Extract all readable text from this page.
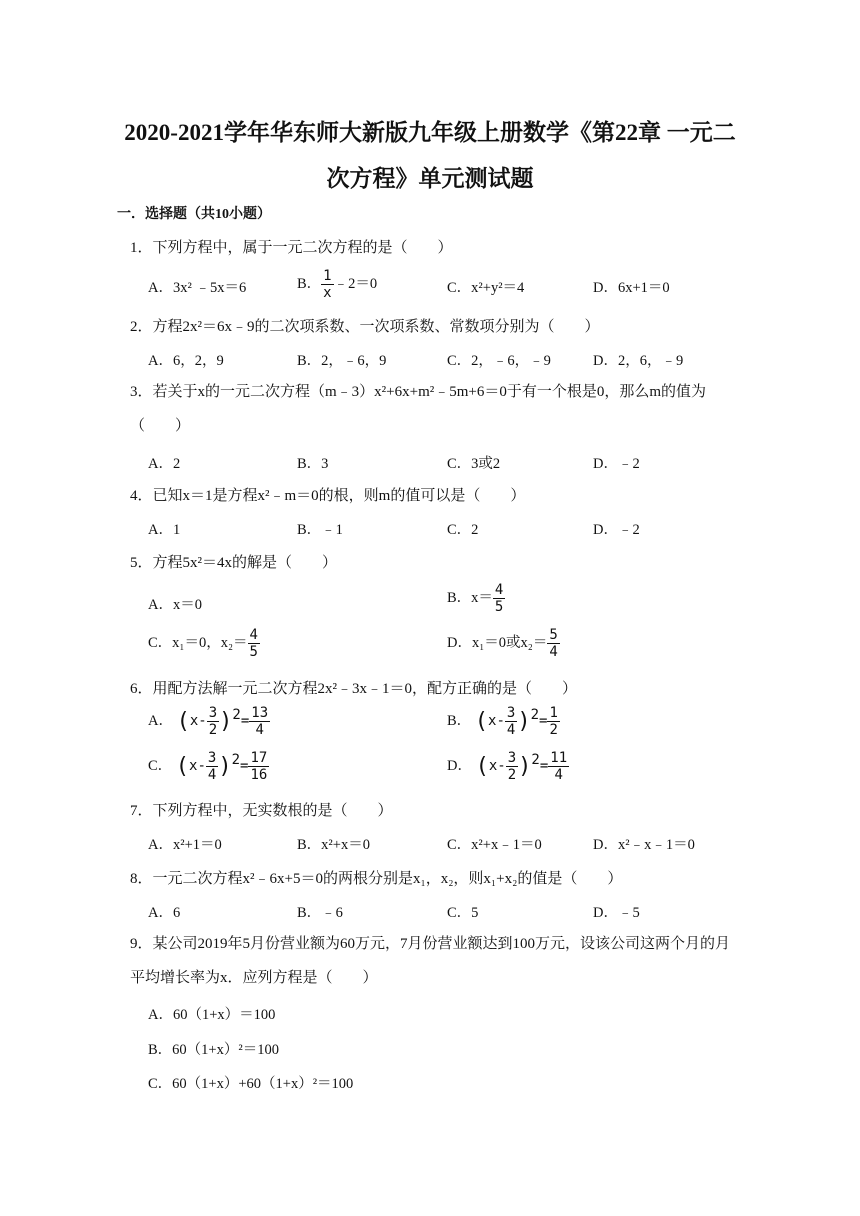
2020-2021学年华东师大新版九年级上册数学《第22章 一元二
次方程》单元测试题
一．选择题（共10小题）
1．下列方程中，属于一元二次方程的是（　　）
A．3x² ﹣5x＝6	B． $\frac{1}{x}$ ﹣2＝0	C．x²+y²＝4	D．6x+1＝0
2．方程2x²＝6x﹣9的二次项系数、一次项系数、常数项分别为（　　）
A．6，2，9	B．2，﹣6，9	C．2，﹣6，﹣9	D．2，6，﹣9
3．若关于x的一元二次方程（m﹣3）x²+6x+m²﹣5m+6＝0于有一个根是0，那么m的值为（　　）
A．2	B．3	C．3或2	D．﹣2
4．已知x＝1是方程x²﹣m＝0的根，则m的值可以是（　　）
A．1	B．﹣1	C．2	D．﹣2
5．方程5x²＝4x的解是（　　）
A．x＝0	B．$x= \frac{4}{5}$
C．x₁＝0，$x_2= \frac{4}{5}$	D．x₁＝0或$x_2= \frac{5}{4}$
6．用配方法解一元二次方程2x²﹣3x﹣1＝0，配方正确的是（　　）
A． $(x- \frac{3}{2} )^2= \frac{13}{4}$	B． $(x- \frac{3}{4} )^2= \frac{1}{2}$
C． $(x- \frac{3}{4} )^2= \frac{17}{16}$	D． $(x- \frac{3}{2} )^2= \frac{11}{4}$
7．下列方程中，无实数根的是（　　）
A．x²+1＝0	B．x²+x＝0	C．x²+x﹣1＝0	D．x²﹣x﹣1＝0
8．一元二次方程x²﹣6x+5＝0的两根分别是x₁，x₂，则x₁+x₂的值是（　　）
A．6	B．﹣6	C．5	D．﹣5
9．某公司2019年5月份营业额为60万元，7月份营业额达到100万元，设该公司这两个月的月平均增长率为x．应列方程是（　　）
A．60（1+x）＝100
B．60（1+x）²＝100
C．60（1+x）+60（1+x）²＝100
